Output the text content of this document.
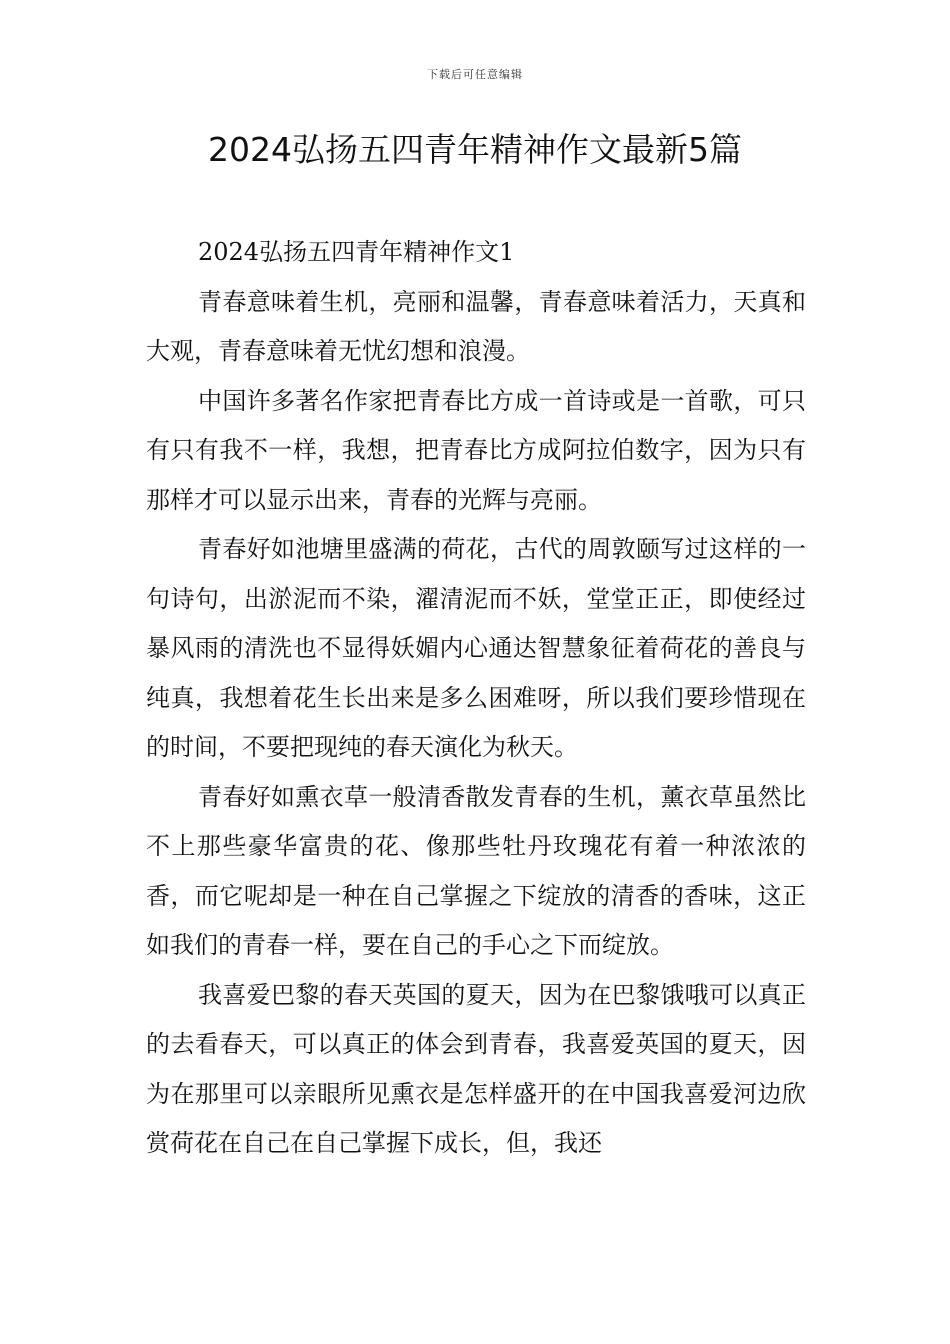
下载后可任意编辑
2024弘扬五四青年精神作文最新5篇

2024弘扬五四青年精神作文1

青春意味着生机，亮丽和温馨，青春意味着活力，天真和大观，青春意味着无忧幻想和浪漫。

中国许多著名作家把青春比方成一首诗或是一首歌，可只有只有我不一样，我想，把青春比方成阿拉伯数字，因为只有那样才可以显示出来，青春的光辉与亮丽。

青春好如池塘里盛满的荷花，古代的周敦颐写过这样的一句诗句，出淤泥而不染，濯清泥而不妖，堂堂正正，即使经过暴风雨的清洗也不显得妖媚内心通达智慧象征着荷花的善良与纯真，我想着花生长出来是多么困难呀，所以我们要珍惜现在的时间，不要把现纯的春天演化为秋天。

青春好如熏衣草一般清香散发青春的生机，薰衣草虽然比不上那些豪华富贵的花、像那些牡丹玫瑰花有着一种浓浓的香，而它呢却是一种在自己掌握之下绽放的清香的香味，这正如我们的青春一样，要在自己的手心之下而绽放。

我喜爱巴黎的春天英国的夏天，因为在巴黎饿哦可以真正的去看春天，可以真正的体会到青春，我喜爱英国的夏天，因为在那里可以亲眼所见熏衣是怎样盛开的在中国我喜爱河边欣赏荷花在自己在自己掌握下成长，但，我还
